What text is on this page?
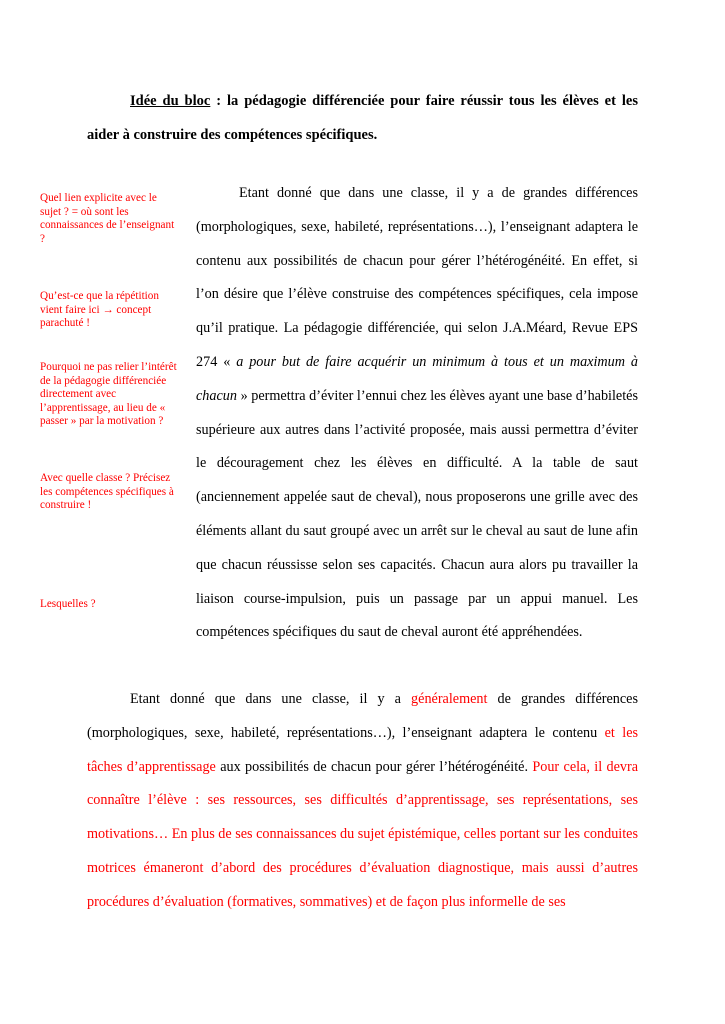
Idée du bloc : la pédagogie différenciée pour faire réussir tous les élèves et les aider à construire des compétences spécifiques.

Quel lien explicite avec le sujet ? = où sont les connaissances de l’enseignant ?

Qu’est-ce que la répétition vient faire ici → concept parachuté !

Pourquoi ne pas relier l’intérêt de la pédagogie différenciée directement avec l’apprentissage, au lieu de « passer » par la motivation ?

Avec quelle classe ? Précisez les compétences spécifiques à construire !

Lesquelles ?

Etant donné que dans une classe, il y a de grandes différences (morphologiques, sexe, habileté, représentations…), l’enseignant adaptera le contenu aux possibilités de chacun pour gérer l’hétérogénéité. En effet, si l’on désire que l’élève construise des compétences spécifiques, cela impose qu’il pratique. La pédagogie différenciée, qui selon J.A.Méard, Revue EPS 274 « a pour but de faire acquérir un minimum à tous et un maximum à chacun » permettra d’éviter l’ennui chez les élèves ayant une base d’habiletés supérieure aux autres dans l’activité proposée, mais aussi permettra d’éviter le découragement chez les élèves en difficulté. A la table de saut (anciennement appelée saut de cheval), nous proposerons une grille avec des éléments allant du saut groupé avec un arrêt sur le cheval au saut de lune afin que chacun réussisse selon ses capacités. Chacun aura alors pu travailler la liaison course-impulsion, puis un passage par un appui manuel. Les compétences spécifiques du saut de cheval auront été appréhendées.

Etant donné que dans une classe, il y a généralement de grandes différences (morphologiques, sexe, habileté, représentations…), l’enseignant adaptera le contenu et les tâches d’apprentissage aux possibilités de chacun pour gérer l’hétérogénéité. Pour cela, il devra connaître l’élève : ses ressources, ses difficultés d’apprentissage, ses représentations, ses motivations… En plus de ses connaissances du sujet épistémique, celles portant sur les conduites motrices émaneront d’abord des procédures d’évaluation diagnostique, mais aussi d’autres procédures d’évaluation (formatives, sommatives) et de façon plus informelle de ses
